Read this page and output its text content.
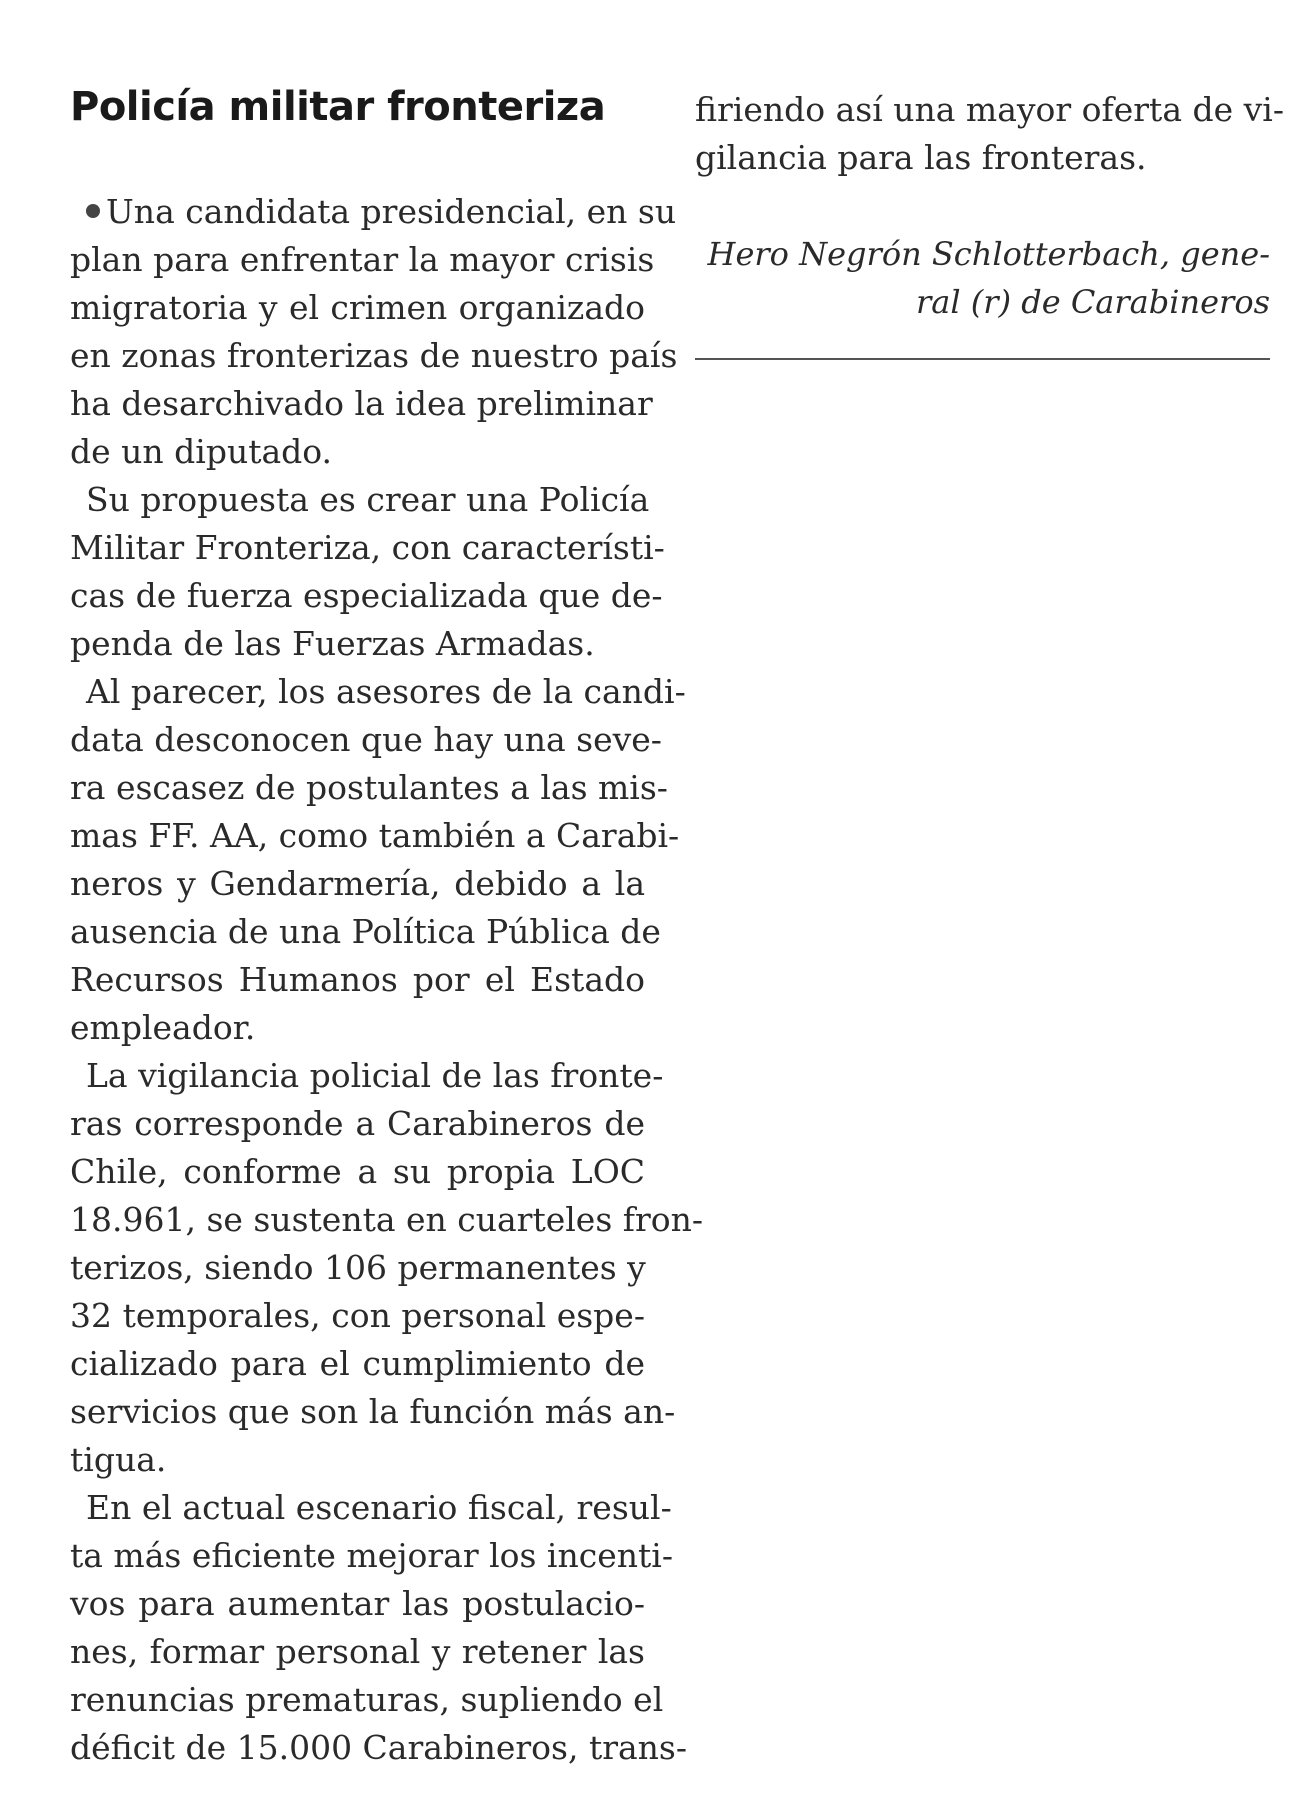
Policía militar fronteriza
Una candidata presidencial, en su
plan para enfrentar la mayor crisis
migratoria y el crimen organizado
en zonas fronterizas de nuestro país
ha desarchivado la idea preliminar
de un diputado.
Su propuesta es crear una Policía
Militar Fronteriza, con característi-
cas de fuerza especializada que de-
penda de las Fuerzas Armadas.
Al parecer, los asesores de la candi-
data desconocen que hay una seve-
ra escasez de postulantes a las mis-
mas FF. AA, como también a Carabi-
neros y Gendarmería, debido a la
ausencia de una Política Pública de
Recursos Humanos por el Estado
empleador.
La vigilancia policial de las fronte-
ras corresponde a Carabineros de
Chile, conforme a su propia LOC
18.961, se sustenta en cuarteles fron-
terizos, siendo 106 permanentes y
32 temporales, con personal espe-
cializado para el cumplimiento de
servicios que son la función más an-
tigua.
En el actual escenario fiscal, resul-
ta más eficiente mejorar los incenti-
vos para aumentar las postulacio-
nes, formar personal y retener las
renuncias prematuras, supliendo el
déficit de 15.000 Carabineros, trans-
firiendo así una mayor oferta de vi-
gilancia para las fronteras.
Hero Negrón Schlotterbach, gene-
ral (r) de Carabineros
